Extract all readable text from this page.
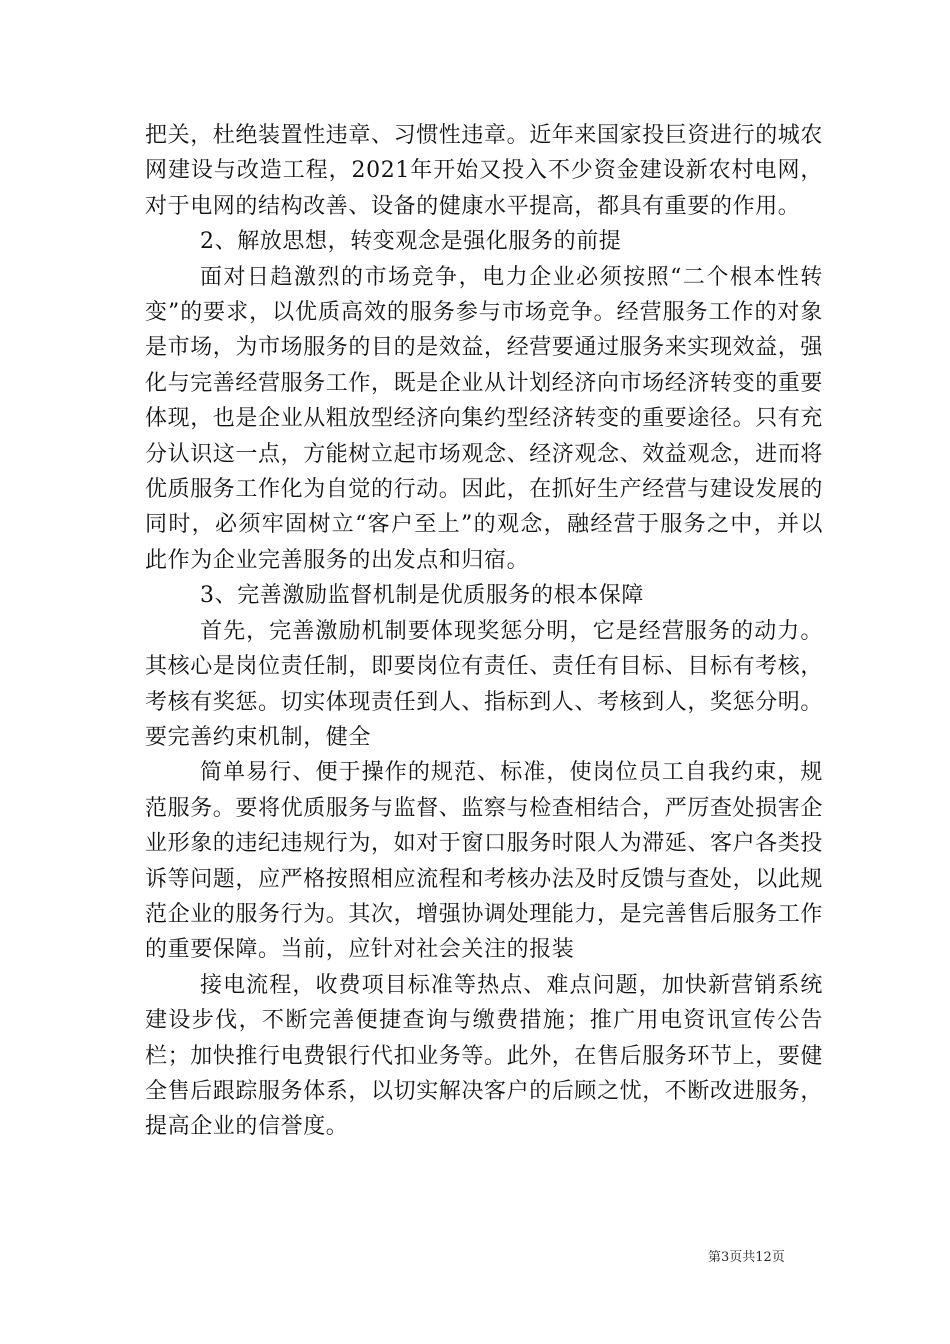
把关，杜绝装置性违章、习惯性违章。近年来国家投巨资进行的城农网建设与改造工程，2021年开始又投入不少资金建设新农村电网，对于电网的结构改善、设备的健康水平提高，都具有重要的作用。

2、解放思想，转变观念是强化服务的前提

面对日趋激烈的市场竞争，电力企业必须按照“二个根本性转变”的要求，以优质高效的服务参与市场竞争。经营服务工作的对象是市场，为市场服务的目的是效益，经营要通过服务来实现效益，强化与完善经营服务工作，既是企业从计划经济向市场经济转变的重要体现，也是企业从粗放型经济向集约型经济转变的重要途径。只有充分认识这一点，方能树立起市场观念、经济观念、效益观念，进而将优质服务工作化为自觉的行动。因此，在抓好生产经营与建设发展的同时，必须牢固树立“客户至上”的观念，融经营于服务之中，并以此作为企业完善服务的出发点和归宿。

3、完善激励监督机制是优质服务的根本保障

首先，完善激励机制要体现奖惩分明，它是经营服务的动力。其核心是岗位责任制，即要岗位有责任、责任有目标、目标有考核，考核有奖惩。切实体现责任到人、指标到人、考核到人，奖惩分明。要完善约束机制，健全

简单易行、便于操作的规范、标准，使岗位员工自我约束，规范服务。要将优质服务与监督、监察与检查相结合，严厉查处损害企业形象的违纪违规行为，如对于窗口服务时限人为滞延、客户各类投诉等问题，应严格按照相应流程和考核办法及时反馈与查处，以此规范企业的服务行为。其次，增强协调处理能力，是完善售后服务工作的重要保障。当前，应针对社会关注的报装

接电流程，收费项目标准等热点、难点问题，加快新营销系统建设步伐，不断完善便捷查询与缴费措施；推广用电资讯宣传公告栏；加快推行电费银行代扣业务等。此外，在售后服务环节上，要健全售后跟踪服务体系，以切实解决客户的后顾之忧，不断改进服务，提高企业的信誉度。

第3页共12页
